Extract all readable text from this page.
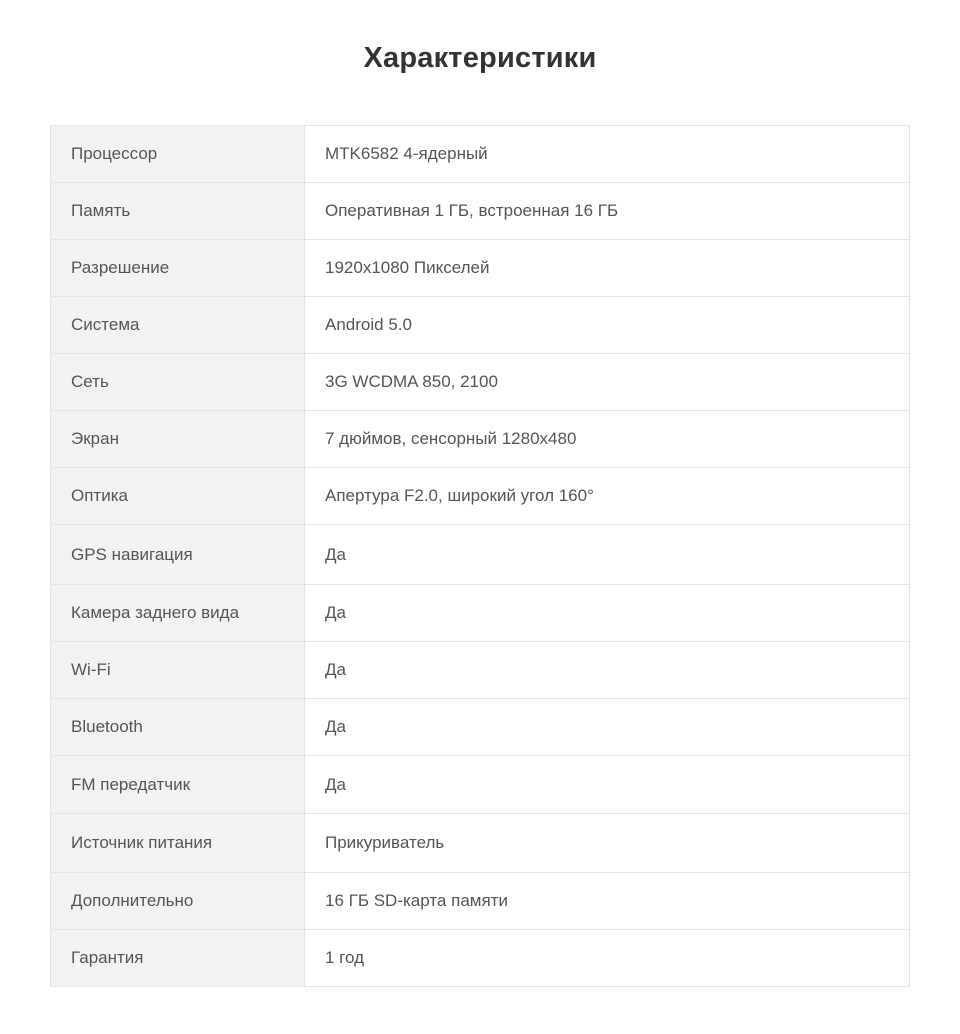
Характеристики
Процессор	MTK6582 4-ядерный
Память	Оперативная 1 ГБ, встроенная 16 ГБ
Разрешение	1920x1080 Пикселей
Система	Android 5.0
Сеть	3G WCDMA 850, 2100
Экран	7 дюймов, сенсорный 1280x480
Оптика	Апертура F2.0, широкий угол 160°
GPS навигация	Да
Камера заднего вида	Да
Wi-Fi	Да
Bluetooth	Да
FM передатчик	Да
Источник питания	Прикуриватель
Дополнительно	16 ГБ SD-карта памяти
Гарантия	1 год
